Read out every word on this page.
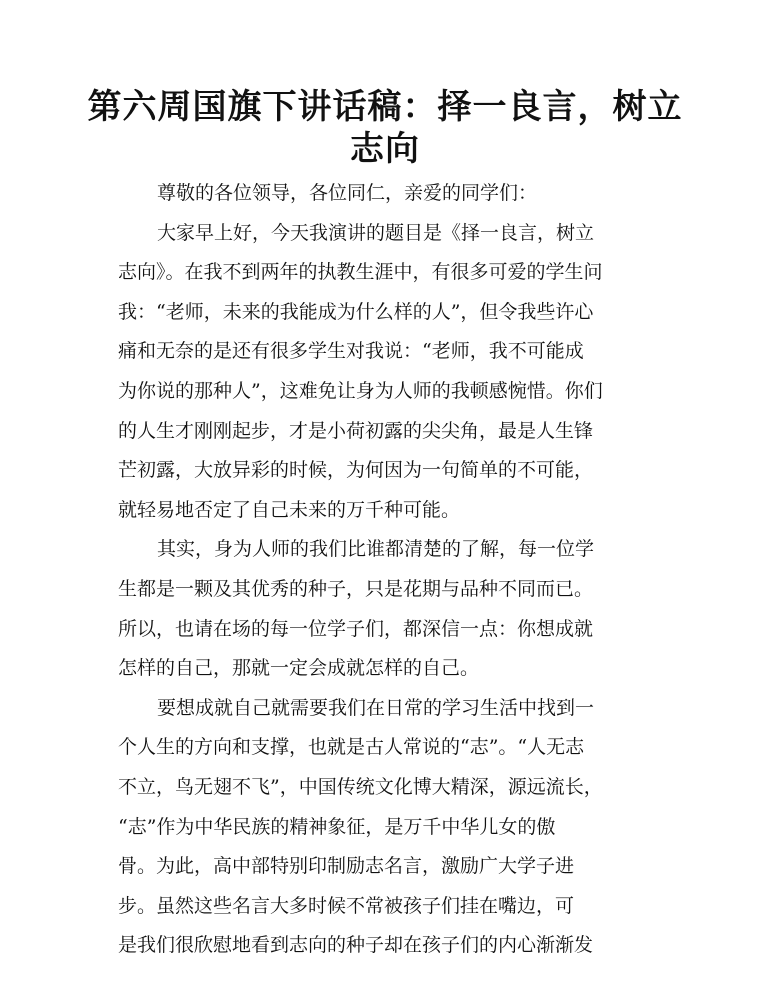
第六周国旗下讲话稿：择一良言，树立
志向
尊敬的各位领导，各位同仁，亲爱的同学们：
大家早上好，今天我演讲的题目是《择一良言，树立
志向》。在我不到两年的执教生涯中，有很多可爱的学生问
我：“老师，未来的我能成为什么样的人”，但令我些许心
痛和无奈的是还有很多学生对我说：“老师，我不可能成
为你说的那种人”，这难免让身为人师的我顿感惋惜。你们
的人生才刚刚起步，才是小荷初露的尖尖角，最是人生锋
芒初露，大放异彩的时候，为何因为一句简单的不可能，
就轻易地否定了自己未来的万千种可能。
其实，身为人师的我们比谁都清楚的了解，每一位学
生都是一颗及其优秀的种子，只是花期与品种不同而已。
所以，也请在场的每一位学子们，都深信一点：你想成就
怎样的自己，那就一定会成就怎样的自己。
要想成就自己就需要我们在日常的学习生活中找到一
个人生的方向和支撑，也就是古人常说的“志”。“人无志
不立，鸟无翅不飞”，中国传统文化博大精深，源远流长，
“志”作为中华民族的精神象征，是万千中华儿女的傲
骨。为此，高中部特别印制励志名言，激励广大学子进
步。虽然这些名言大多时候不常被孩子们挂在嘴边，可
是我们很欣慰地看到志向的种子却在孩子们的内心渐渐发
